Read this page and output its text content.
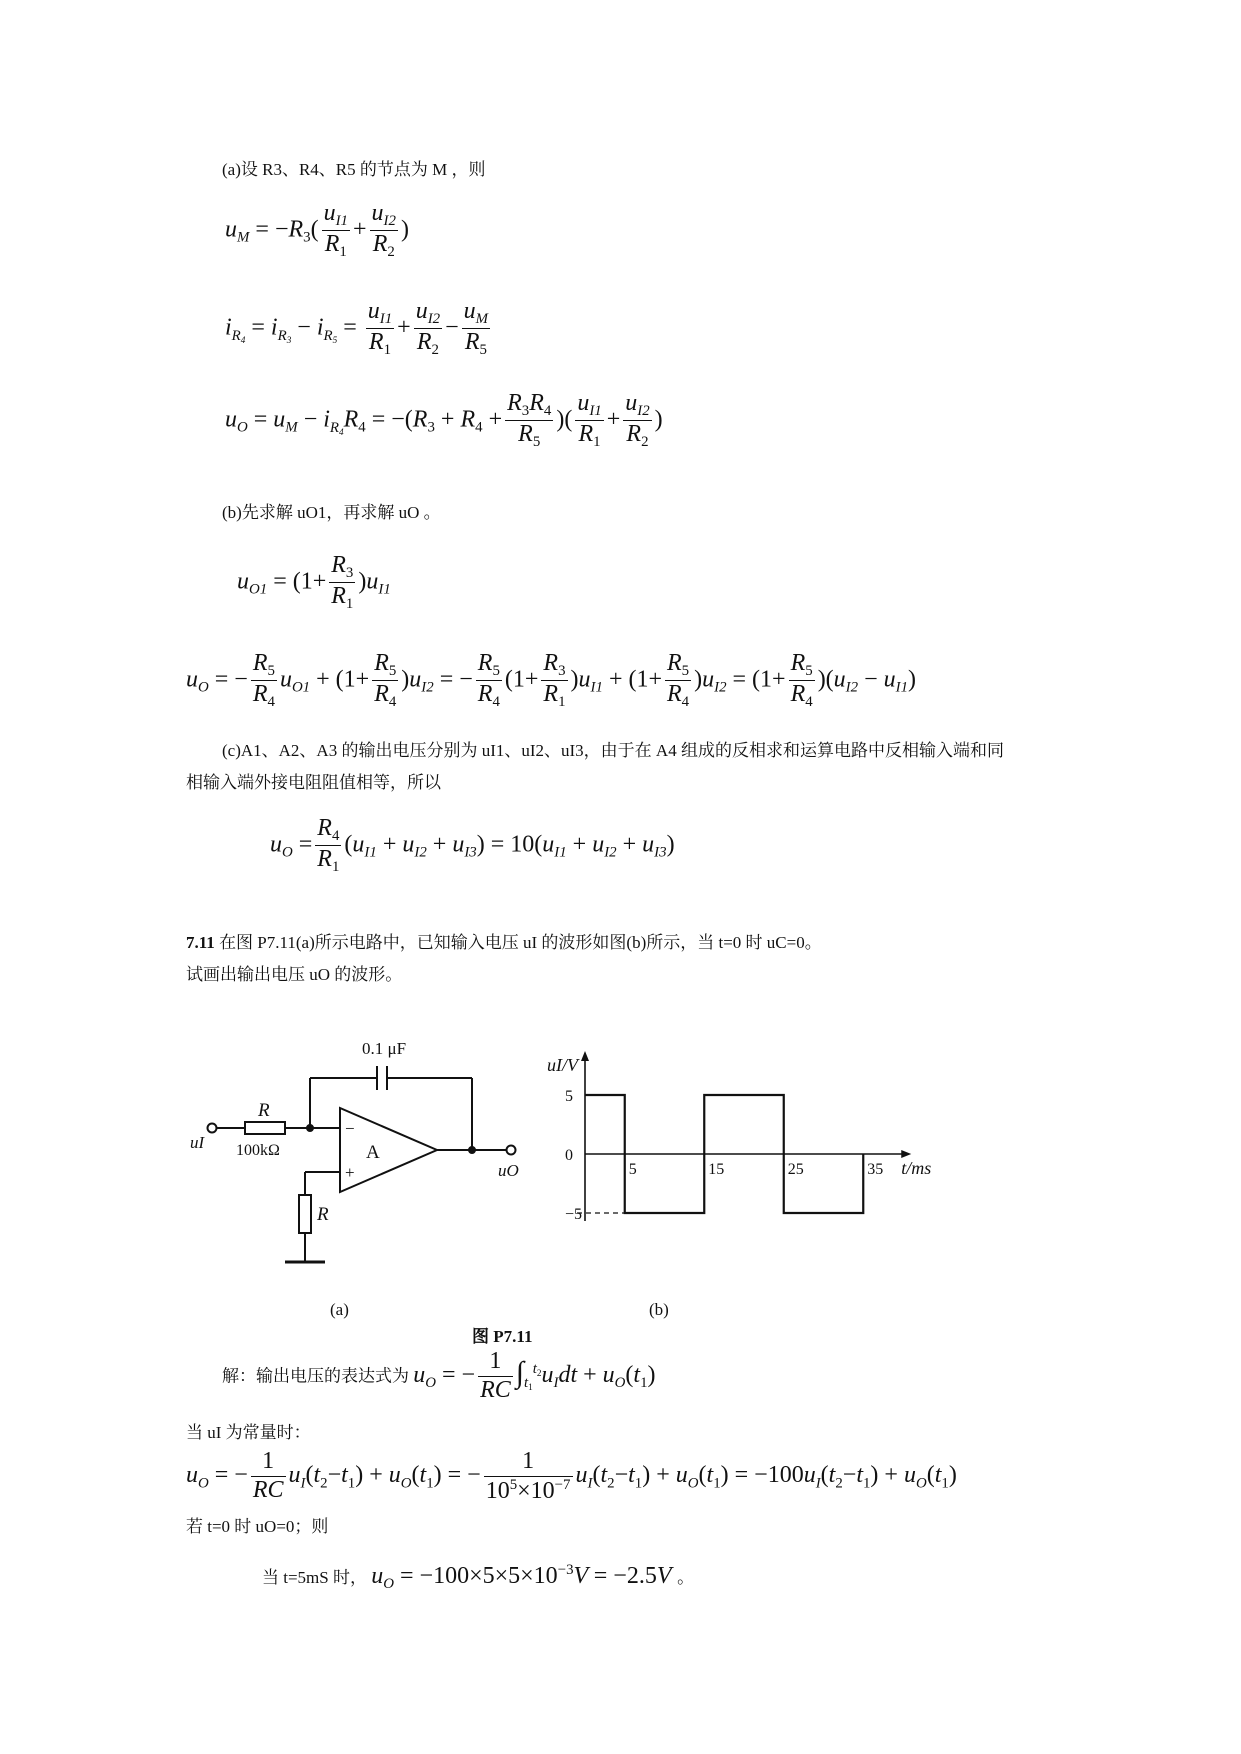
(a)设 R3、R4、R5 的节点为 M ，则
$u_M = -R_3( \frac{u_{I1}}{R_1} + \frac{u_{I2}}{R_2}$ )
$i_{R_4} = i_{R_3} - i_{R_5} = \frac{u_{I1}}{R_1} + \frac{u_{I2}}{R_2} - \frac{u_M}{R_5}$
$u_O = u_M - i_{R_4}R_4 = -(R_3 + R_4 + \frac{R_3R_4}{R_5}$ )( $\frac{u_{I1}}{R_1} + \frac{u_{I2}}{R_2}$ )
(b)先求解 uO1，再求解 uO 。
$u_{O1} = (1+ \frac{R_3}{R_1} )u_{I1}$
$u_O$ = − $\frac{R_5}{R_4} u_{O1} + (1+ \frac{R_5}{R_4} )u_{I2}$ = − $\frac{R_5}{R_4} (1+ \frac{R_3}{R_1} )u_{I1} + (1+ \frac{R_5}{R_4} )u_{I2} = (1+ \frac{R_5}{R_4} )(u_{I2} - u_{I1})$
(c)A1、A2、A3 的输出电压分别为 uI1、uI2、uI3，由于在 A4 组成的反相求和运算电路中反相输入端和同
相输入端外接电阻阻值相等，所以
$u_O = \frac{R_4}{R_1} (u_{I1} + u_{I2} + u_{I3}) = 10(u_{I1} + u_{I2} + u_{I3})$
7.11 在图 P7.11(a)所示电路中，已知输入电压 uI 的波形如图(b)所示，当 t=0 时 uC=0。
试画出输出电压 uO 的波形。
0.1 μF
R
100kΩ
uI	A
−
+	uO
R
(a)
5
0
−5
5	15	25	35
uI/V
t/ms
(b)
图 P7.11
解：输出电压的表达式为 $u_O$ = − $\frac{1}{RC} \int_{t_1}^{t_2}u_Idt + u_O(t_1)$
当 uI 为常量时：
$u_O$ = − $\frac{1}{RC} u_I(t_2-t_1) + u_O(t_1)$ = − $\frac{1}{10^5\times 10^{-7}} u_I(t_2-t_1) + u_O(t_1) = -100u_I(t_2-t_1) + u_O(t_1)$
若 t=0 时 uO=0；则
当 t=5mS 时， $u_O = -100\times 5\times 5\times 10^{-3}V = -2.5V$ 。
